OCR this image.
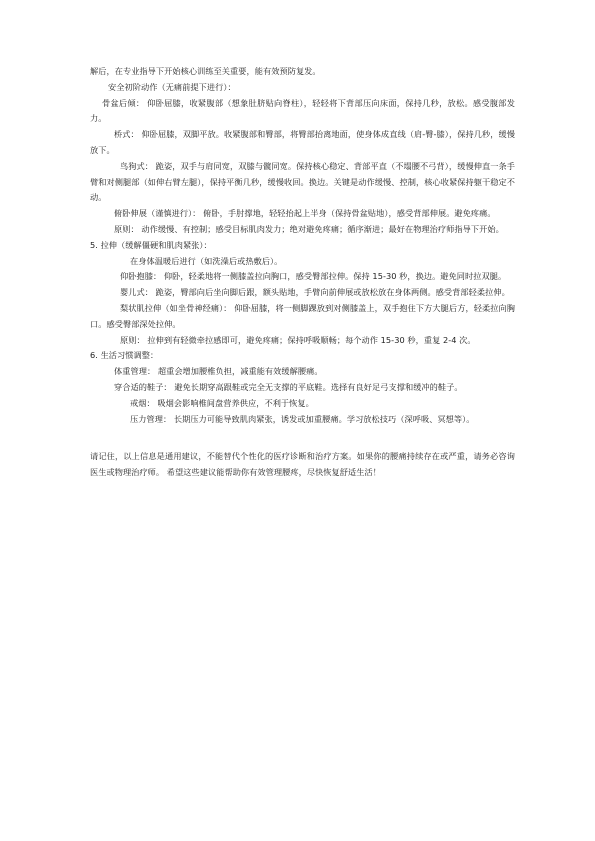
解后，在专业指导下开始核心训练至关重要，能有效预防复发。

安全初阶动作（无痛前提下进行）：

骨盆后倾： 仰卧屈膝，收紧腹部（想象肚脐贴向脊柱），轻轻将下背部压向床面，保持几秒，放松。感受腹部发力。

桥式： 仰卧屈膝，双脚平放。收紧腹部和臀部，将臀部抬离地面，使身体成直线（肩-臀-膝），保持几秒，缓慢放下。

鸟狗式： 跪姿，双手与肩同宽，双膝与髋同宽。保持核心稳定、背部平直（不塌腰不弓背），缓慢伸直一条手臂和对侧腿部（如伸右臂左腿），保持平衡几秒，缓慢收回。换边。关键是动作缓慢、控制，核心收紧保持躯干稳定不动。

俯卧伸展（谨慎进行）： 俯卧，手肘撑地，轻轻抬起上半身（保持骨盆贴地），感受背部伸展。避免疼痛。

原则： 动作缓慢、有控制；感受目标肌肉发力；绝对避免疼痛；循序渐进；最好在物理治疗师指导下开始。

5. 拉伸（缓解僵硬和肌肉紧张）：

在身体温暖后进行（如洗澡后或热敷后）。

仰卧抱膝： 仰卧，轻柔地将一侧膝盖拉向胸口，感受臀部拉伸。保持 15-30 秒，换边。避免同时拉双腿。

婴儿式： 跪姿，臀部向后坐向脚后跟，额头贴地，手臂向前伸展或放松放在身体两侧。感受背部轻柔拉伸。

梨状肌拉伸（如坐骨神经痛）： 仰卧屈膝，将一侧脚踝放到对侧膝盖上，双手抱住下方大腿后方，轻柔拉向胸口。感受臀部深处拉伸。

原则： 拉伸到有轻微牵拉感即可，避免疼痛；保持呼吸顺畅；每个动作 15-30 秒，重复 2-4 次。

6. 生活习惯调整：

体重管理： 超重会增加腰椎负担，减重能有效缓解腰痛。

穿合适的鞋子： 避免长期穿高跟鞋或完全无支撑的平底鞋。选择有良好足弓支撑和缓冲的鞋子。

戒烟： 吸烟会影响椎间盘营养供应，不利于恢复。

压力管理： 长期压力可能导致肌肉紧张，诱发或加重腰痛。学习放松技巧（深呼吸、冥想等）。

请记住，以上信息是通用建议，不能替代个性化的医疗诊断和治疗方案。如果你的腰痛持续存在或严重，请务必咨询医生或物理治疗师。 希望这些建议能帮助你有效管理腰疼，尽快恢复舒适生活！
